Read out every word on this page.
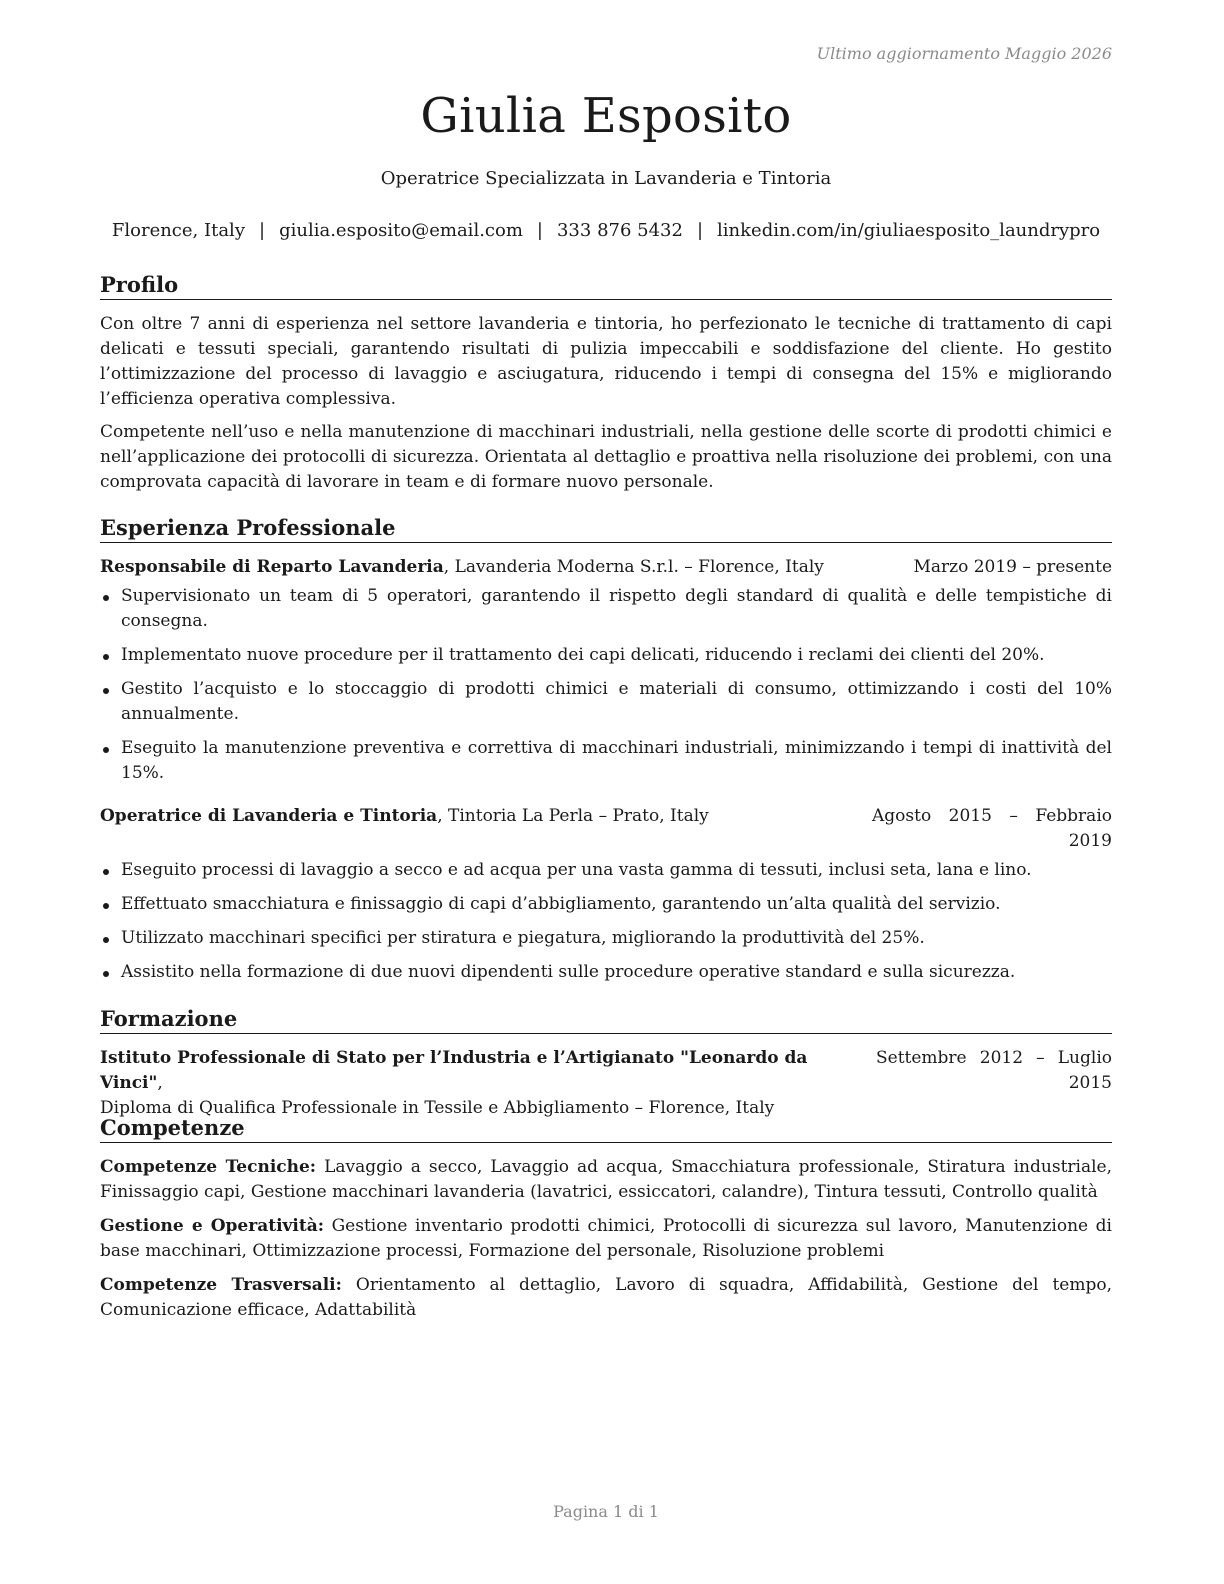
Ultimo aggiornamento Maggio 2026
Giulia Esposito
Operatrice Specializzata in Lavanderia e Tintoria
Florence, Italy | giulia.esposito@email.com | 333 876 5432 | linkedin.com/in/giuliaesposito_laundrypro
Profilo

Con oltre 7 anni di esperienza nel settore lavanderia e tintoria, ho perfezionato le tecniche di trattamento di capi delicati e tessuti speciali, garantendo risultati di pulizia impeccabili e soddisfazione del cliente. Ho gestito l’ottimizzazione del processo di lavaggio e asciugatura, riducendo i tempi di consegna del 15% e migliorando l’efficienza operativa complessiva.

Competente nell’uso e nella manutenzione di macchinari industriali, nella gestione delle scorte di prodotti chimici e nell’applicazione dei protocolli di sicurezza. Orientata al dettaglio e proattiva nella risoluzione dei problemi, con una comprovata capacità di lavorare in team e di formare nuovo personale.

Esperienza Professionale
Responsabile di Reparto Lavanderia, Lavanderia Moderna S.r.l. – Florence, Italy	Marzo 2019 – presente
Supervisionato un team di 5 operatori, garantendo il rispetto degli standard di qualità e delle tempistiche di consegna.
Implementato nuove procedure per il trattamento dei capi delicati, riducendo i reclami dei clienti del 20%.
Gestito l’acquisto e lo stoccaggio di prodotti chimici e materiali di consumo, ottimizzando i costi del 10% annualmente.
Eseguito la manutenzione preventiva e correttiva di macchinari industriali, minimizzando i tempi di inattività del 15%.
Operatrice di Lavanderia e Tintoria, Tintoria La Perla – Prato, Italy	Agosto 2015 – Febbraio 2019
Eseguito processi di lavaggio a secco e ad acqua per una vasta gamma di tessuti, inclusi seta, lana e lino.
Effettuato smacchiatura e finissaggio di capi d’abbigliamento, garantendo un’alta qualità del servizio.
Utilizzato macchinari specifici per stiratura e piegatura, migliorando la produttività del 25%.
Assistito nella formazione di due nuovi dipendenti sulle procedure operative standard e sulla sicurezza.
Formazione
Istituto Professionale di Stato per l’Industria e l’Artigianato "Leonardo da Vinci",
Diploma di Qualifica Professionale in Tessile e Abbigliamento – Florence, Italy
Settembre 2012 – Luglio 2015
Competenze

Competenze Tecniche: Lavaggio a secco, Lavaggio ad acqua, Smacchiatura professionale, Stiratura industriale, Finissaggio capi, Gestione macchinari lavanderia (lavatrici, essiccatori, calandre), Tintura tessuti, Controllo qualità

Gestione e Operatività: Gestione inventario prodotti chimici, Protocolli di sicurezza sul lavoro, Manutenzione di base macchinari, Ottimizzazione processi, Formazione del personale, Risoluzione problemi

Competenze Trasversali: Orientamento al dettaglio, Lavoro di squadra, Affidabilità, Gestione del tempo, Comunicazione efficace, Adattabilità

Pagina 1 di 1
